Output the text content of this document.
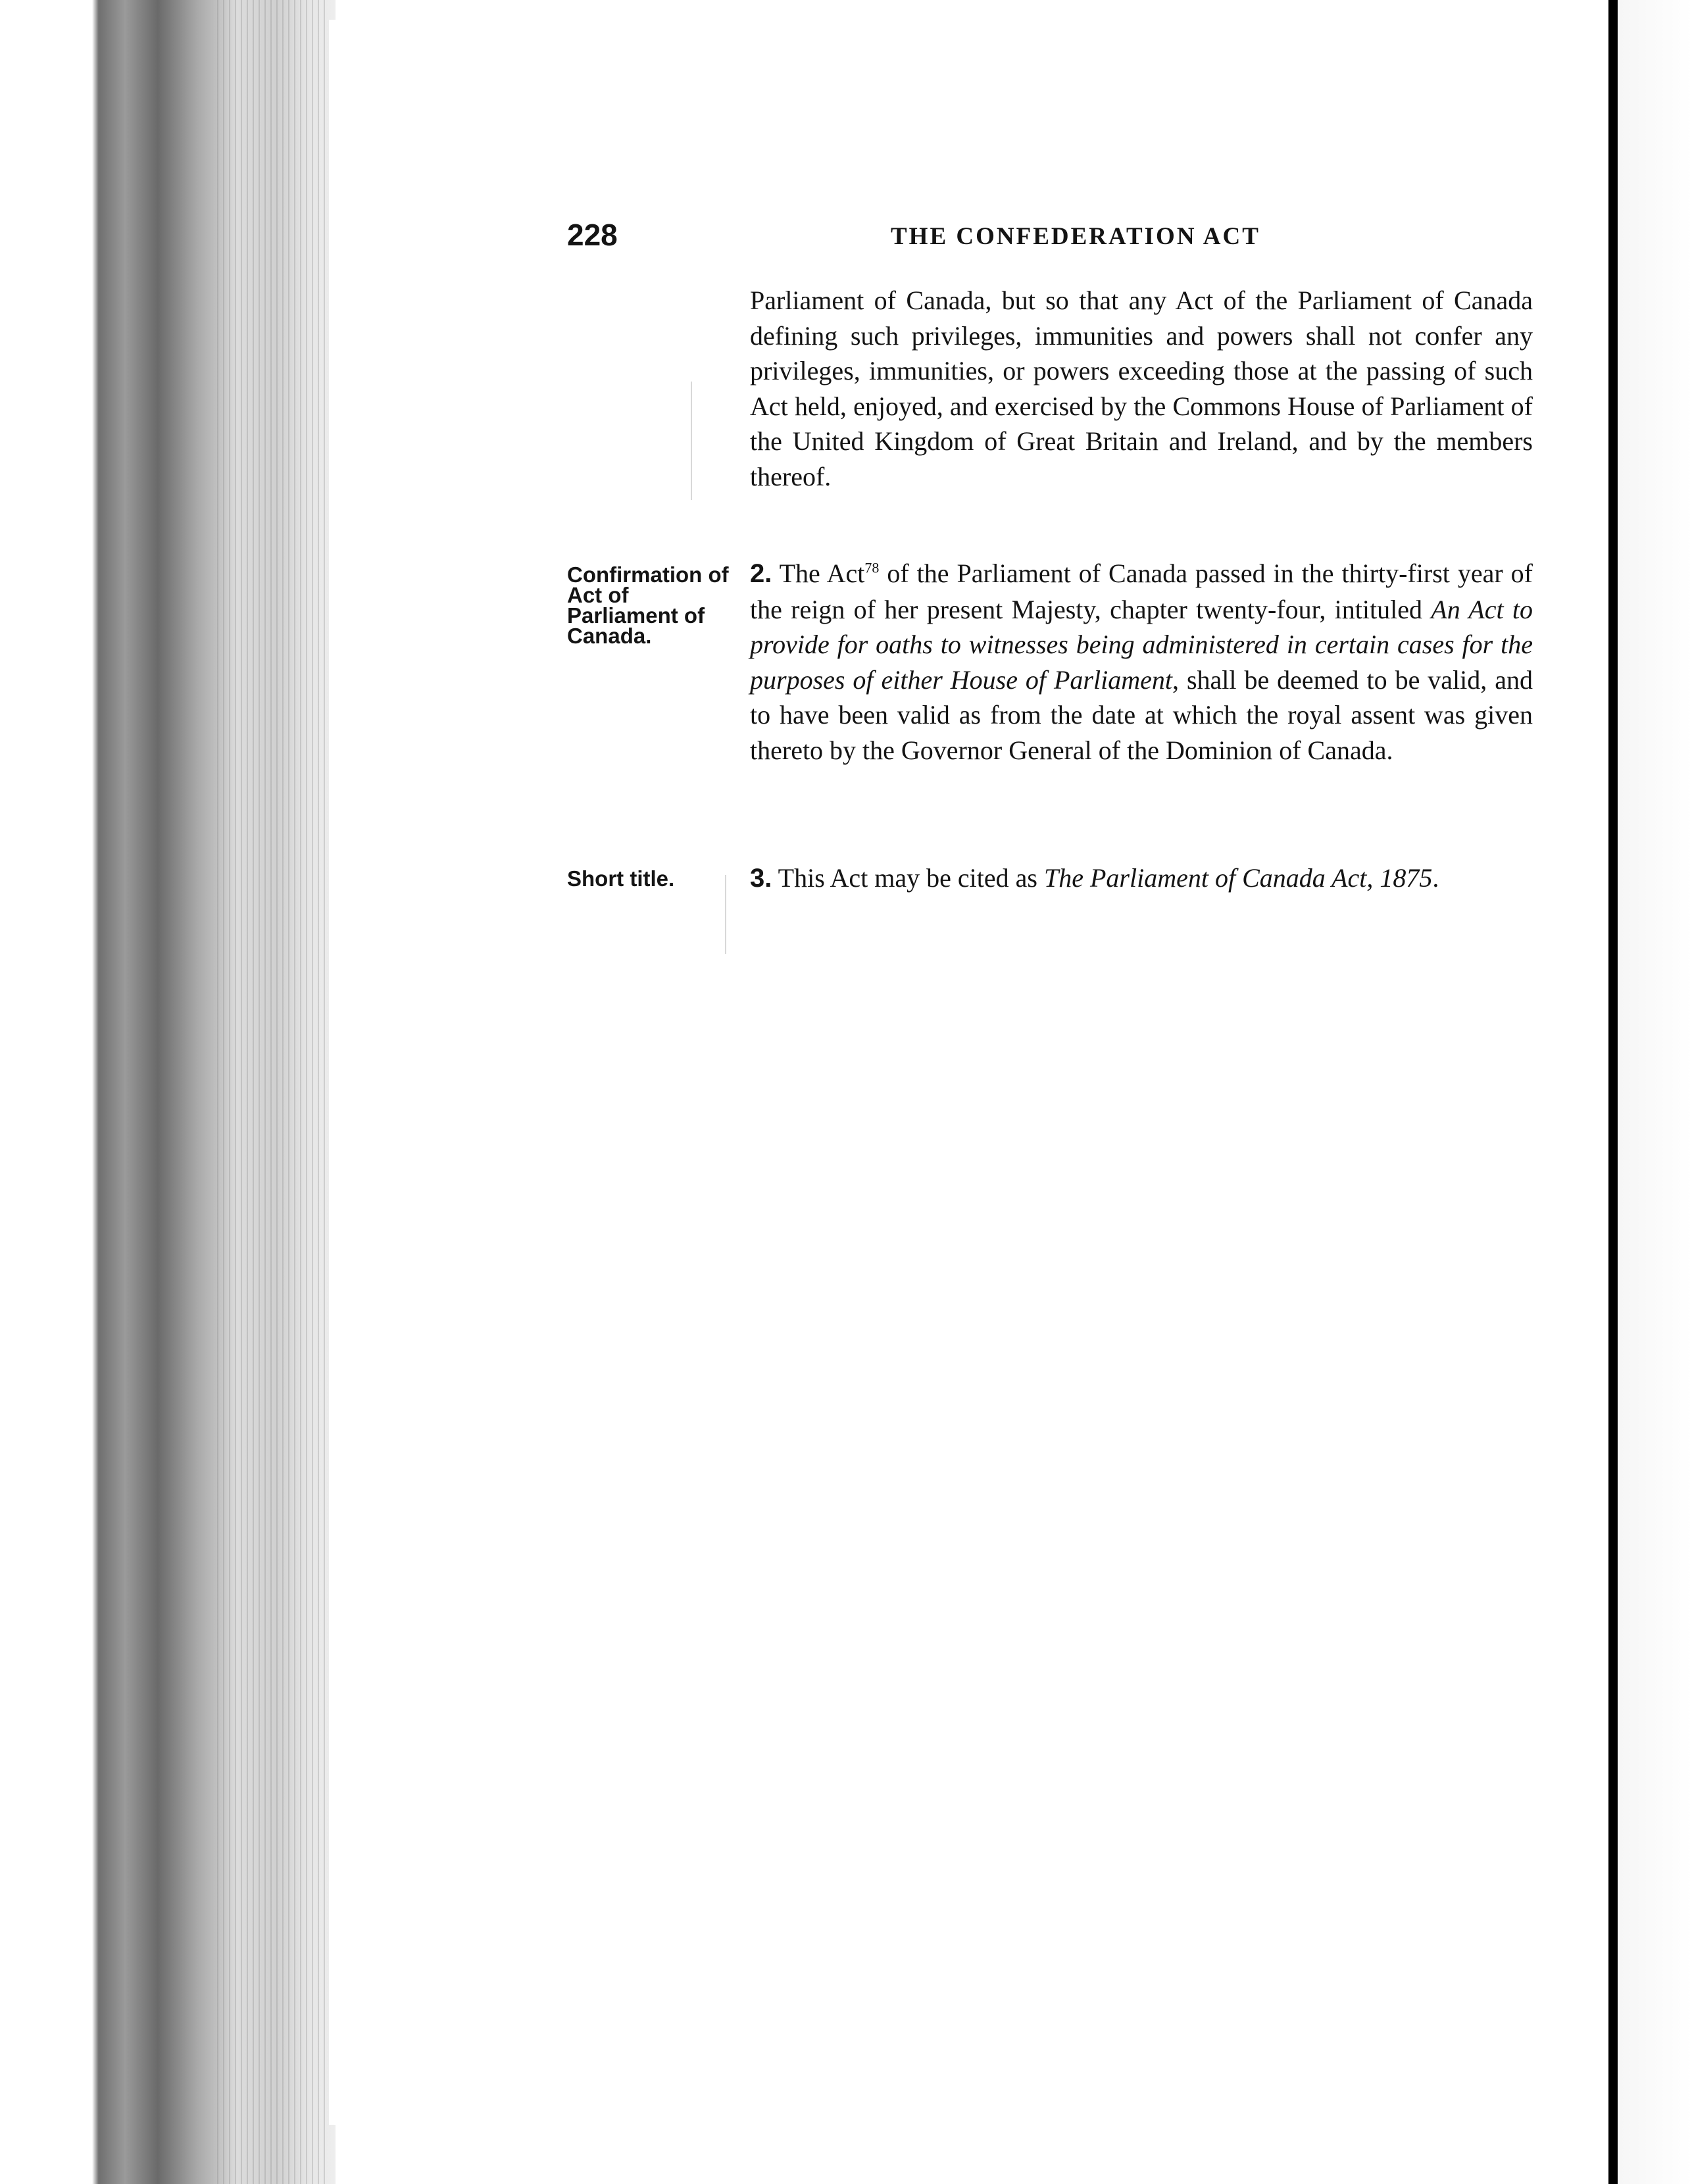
228	THE CONFEDERATION ACT
Parliament of Canada, but so that any Act of the Parliament of Canada defining such privileges, immunities and powers shall not confer any privileges, immunities, or powers exceeding those at the passing of such Act held, enjoyed, and exercised by the Commons House of Parliament of the United Kingdom of Great Britain and Ireland, and by the members thereof.
Confirmation of Act of Parliament of Canada.
2. The Act$^{78}$ of the Parliament of Canada passed in the thirty-first year of the reign of her present Majesty, chapter twenty-four, intituled An Act to provide for oaths to witnesses being administered in certain cases for the purposes of either House of Parliament, shall be deemed to be valid, and to have been valid as from the date at which the royal assent was given thereto by the Governor General of the Dominion of Canada.
Short title.	3. This Act may be cited as The Parliament of Canada Act, 1875.
